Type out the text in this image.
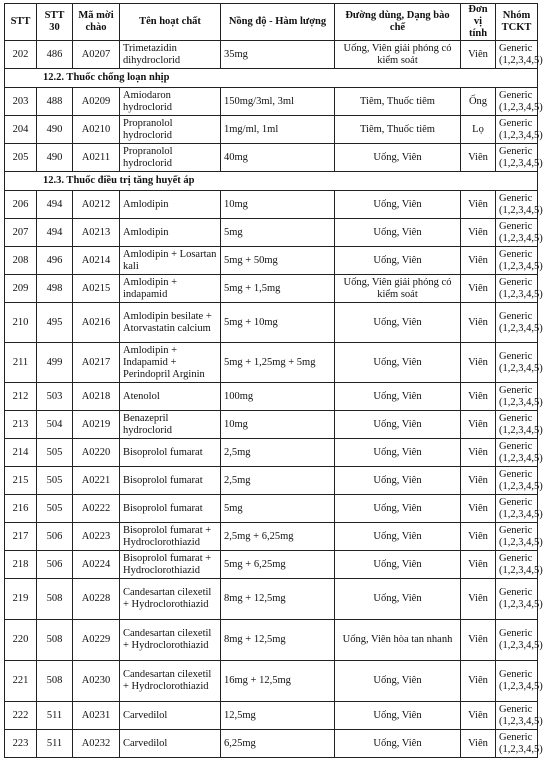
STT	STT 30	Mã mời chào	Tên hoạt chất	Nồng độ - Hàm lượng	Đường dùng, Dạng bào chế	Đơn vị tính	Nhóm TCKT
202	486	A0207	Trimetazidin dihydroclorid	35mg	Uống, Viên giải phóng có kiểm soát	Viên	Generic (1,2,3,4,5)
12.2. Thuốc chống loạn nhịp							
203	488	A0209	Amiodaron hydroclorid	150mg/3ml, 3ml	Tiêm, Thuốc tiêm	Ống	Generic (1,2,3,4,5)
204	490	A0210	Propranolol hydroclorid	1mg/ml, 1ml	Tiêm, Thuốc tiêm	Lọ	Generic (1,2,3,4,5)
205	490	A0211	Propranolol hydroclorid	40mg	Uống, Viên	Viên	Generic (1,2,3,4,5)
12.3. Thuốc điều trị tăng huyết áp							
206	494	A0212	Amlodipin	10mg	Uống, Viên	Viên	Generic (1,2,3,4,5)
207	494	A0213	Amlodipin	5mg	Uống, Viên	Viên	Generic (1,2,3,4,5)
208	496	A0214	Amlodipin + Losartan kali	5mg + 50mg	Uống, Viên	Viên	Generic (1,2,3,4,5)
209	498	A0215	Amlodipin + indapamid	5mg + 1,5mg	Uống, Viên giải phóng có kiểm soát	Viên	Generic (1,2,3,4,5)
210	495	A0216	Amlodipin besilate + Atorvastatin calcium	5mg + 10mg	Uống, Viên	Viên	Generic (1,2,3,4,5)
211	499	A0217	Amlodipin + Indapamid + Perindopril Arginin	5mg + 1,25mg + 5mg	Uống, Viên	Viên	Generic (1,2,3,4,5)
212	503	A0218	Atenolol	100mg	Uống, Viên	Viên	Generic (1,2,3,4,5)
213	504	A0219	Benazepril hydroclorid	10mg	Uống, Viên	Viên	Generic (1,2,3,4,5)
214	505	A0220	Bisoprolol fumarat	2,5mg	Uống, Viên	Viên	Generic (1,2,3,4,5)
215	505	A0221	Bisoprolol fumarat	2,5mg	Uống, Viên	Viên	Generic (1,2,3,4,5)
216	505	A0222	Bisoprolol fumarat	5mg	Uống, Viên	Viên	Generic (1,2,3,4,5)
217	506	A0223	Bisoprolol fumarat + Hydroclorothiazid	2,5mg + 6,25mg	Uống, Viên	Viên	Generic (1,2,3,4,5)
218	506	A0224	Bisoprolol fumarat + Hydroclorothiazid	5mg + 6,25mg	Uống, Viên	Viên	Generic (1,2,3,4,5)
219	508	A0228	Candesartan cilexetil + Hydroclorothiazid	8mg + 12,5mg	Uống, Viên	Viên	Generic (1,2,3,4,5)
220	508	A0229	Candesartan cilexetil + Hydroclorothiazid	8mg + 12,5mg	Uống, Viên hòa tan nhanh	Viên	Generic (1,2,3,4,5)
221	508	A0230	Candesartan cilexetil + Hydroclorothiazid	16mg + 12,5mg	Uống, Viên	Viên	Generic (1,2,3,4,5)
222	511	A0231	Carvedilol	12,5mg	Uống, Viên	Viên	Generic (1,2,3,4,5)
223	511	A0232	Carvedilol	6,25mg	Uống, Viên	Viên	Generic (1,2,3,4,5)
